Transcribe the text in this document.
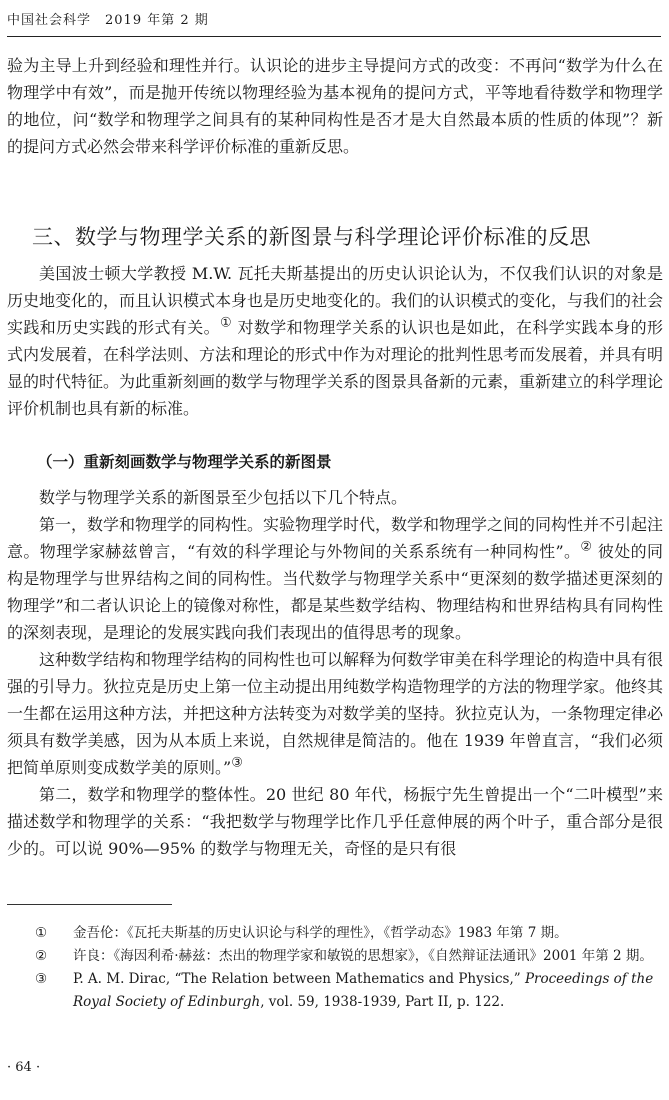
中国社会科学　2019 年第 2 期

验为主导上升到经验和理性并行。认识论的进步主导提问方式的改变：不再问“数学为什么在物理学中有效”，而是抛开传统以物理经验为基本视角的提问方式，平等地看待数学和物理学的地位，问“数学和物理学之间具有的某种同构性是否才是大自然最本质的性质的体现”？新的提问方式必然会带来科学评价标准的重新反思。

三、数学与物理学关系的新图景与科学理论评价标准的反思

美国波士顿大学教授 M.W. 瓦托夫斯基提出的历史认识论认为，不仅我们认识的对象是历史地变化的，而且认识模式本身也是历史地变化的。我们的认识模式的变化，与我们的社会实践和历史实践的形式有关。① 对数学和物理学关系的认识也是如此，在科学实践本身的形式内发展着，在科学法则、方法和理论的形式中作为对理论的批判性思考而发展着，并具有明显的时代特征。为此重新刻画的数学与物理学关系的图景具备新的元素，重新建立的科学理论评价机制也具有新的标准。

（一）重新刻画数学与物理学关系的新图景

数学与物理学关系的新图景至少包括以下几个特点。

第一，数学和物理学的同构性。实验物理学时代，数学和物理学之间的同构性并不引起注意。物理学家赫兹曾言，“有效的科学理论与外物间的关系系统有一种同构性”。② 彼处的同构是物理学与世界结构之间的同构性。当代数学与物理学关系中“更深刻的数学描述更深刻的物理学”和二者认识论上的镜像对称性，都是某些数学结构、物理结构和世界结构具有同构性的深刻表现，是理论的发展实践向我们表现出的值得思考的现象。

这种数学结构和物理学结构的同构性也可以解释为何数学审美在科学理论的构造中具有很强的引导力。狄拉克是历史上第一位主动提出用纯数学构造物理学的方法的物理学家。他终其一生都在运用这种方法，并把这种方法转变为对数学美的坚持。狄拉克认为，一条物理定律必须具有数学美感，因为从本质上来说，自然规律是简洁的。他在 1939 年曾直言，“我们必须把简单原则变成数学美的原则。”③

第二，数学和物理学的整体性。20 世纪 80 年代，杨振宁先生曾提出一个“二叶模型”来描述数学和物理学的关系：“我把数学与物理学比作几乎任意伸展的两个叶子，重合部分是很少的。可以说 90%—95% 的数学与物理无关，奇怪的是只有很

①	金吾伦：《瓦托夫斯基的历史认识论与科学的理性》，《哲学动态》1983 年第 7 期。
②	许良：《海因利希·赫兹：杰出的物理学家和敏锐的思想家》，《自然辩证法通讯》2001 年第 2 期。
③	P. A. M. Dirac, “The Relation between Mathematics and Physics,” Proceedings of the Royal Society of Edinburgh, vol. 59, 1938-1939, Part II, p. 122.
· 64 ·
